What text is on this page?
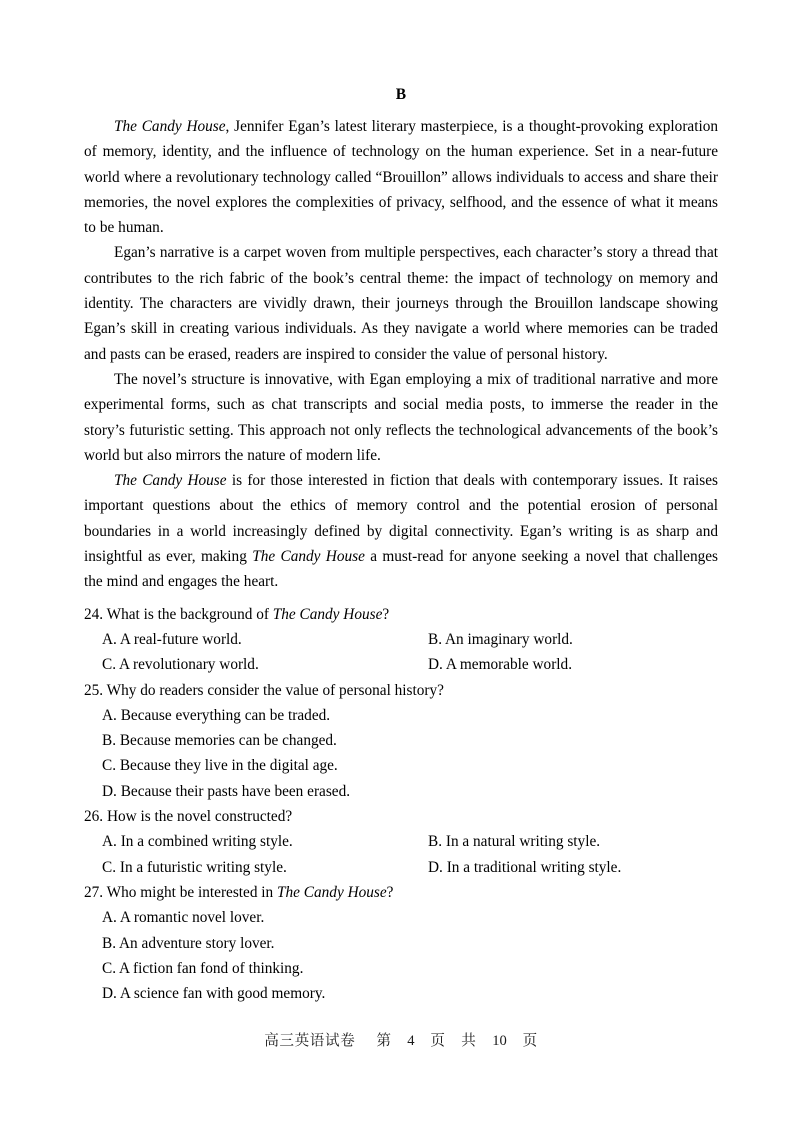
B

The Candy House, Jennifer Egan’s latest literary masterpiece, is a thought-provoking exploration of memory, identity, and the influence of technology on the human experience. Set in a near-future world where a revolutionary technology called “Brouillon” allows individuals to access and share their memories, the novel explores the complexities of privacy, selfhood, and the essence of what it means to be human.

Egan’s narrative is a carpet woven from multiple perspectives, each character’s story a thread that contributes to the rich fabric of the book’s central theme: the impact of technology on memory and identity. The characters are vividly drawn, their journeys through the Brouillon landscape showing Egan’s skill in creating various individuals. As they navigate a world where memories can be traded and pasts can be erased, readers are inspired to consider the value of personal history.

The novel’s structure is innovative, with Egan employing a mix of traditional narrative and more experimental forms, such as chat transcripts and social media posts, to immerse the reader in the story’s futuristic setting. This approach not only reflects the technological advancements of the book’s world but also mirrors the nature of modern life.

The Candy House is for those interested in fiction that deals with contemporary issues. It raises important questions about the ethics of memory control and the potential erosion of personal boundaries in a world increasingly defined by digital connectivity. Egan’s writing is as sharp and insightful as ever, making The Candy House a must-read for anyone seeking a novel that challenges the mind and engages the heart.

24. What is the background of The Candy House?
A. A real-future world.	B. An imaginary world.
C. A revolutionary world.	D. A memorable world.
25. Why do readers consider the value of personal history?
A. Because everything can be traded.
B. Because memories can be changed.
C. Because they live in the digital age.
D. Because their pasts have been erased.
26. How is the novel constructed?
A. In a combined writing style.	B. In a natural writing style.
C. In a futuristic writing style.	D. In a traditional writing style.
27. Who might be interested in The Candy House?
A. A romantic novel lover.
B. An adventure story lover.
C. A fiction fan fond of thinking.
D. A science fan with good memory.
高三英语试卷 第 4 页 共 10 页
